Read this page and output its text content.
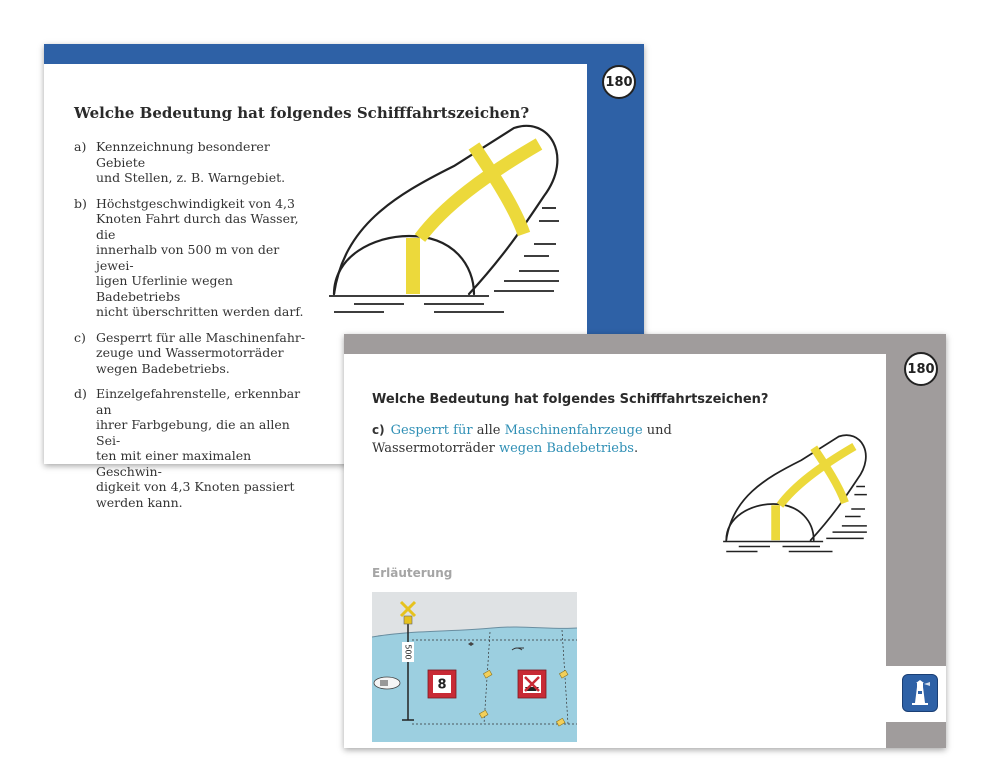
Welche Bedeutung hat folgendes Schifffahrtszeichen?
a) Kennzeichnung besonderer Gebiete
und Stellen, z. B. Warngebiet.
b) Höchstgeschwindigkeit von 4,3
Knoten Fahrt durch das Wasser, die
innerhalb von 500 m von der jewei-
ligen Uferlinie wegen Badebetriebs
nicht überschritten werden darf.
c) Gesperrt für alle Maschinenfahr-
zeuge und Wassermotorräder
wegen Badebetriebs.
d) Einzelgefahrenstelle, erkennbar an
ihrer Farbgebung, die an allen Sei-
ten mit einer maximalen Geschwin-
digkeit von 4,3 Knoten passiert
werden kann.
180
Welche Bedeutung hat folgendes Schifffahrtszeichen?
c) Gesperrt für alle Maschinenfahrzeuge und
Wassermotorräder wegen Badebetriebs.
Erläuterung
500
8
180
